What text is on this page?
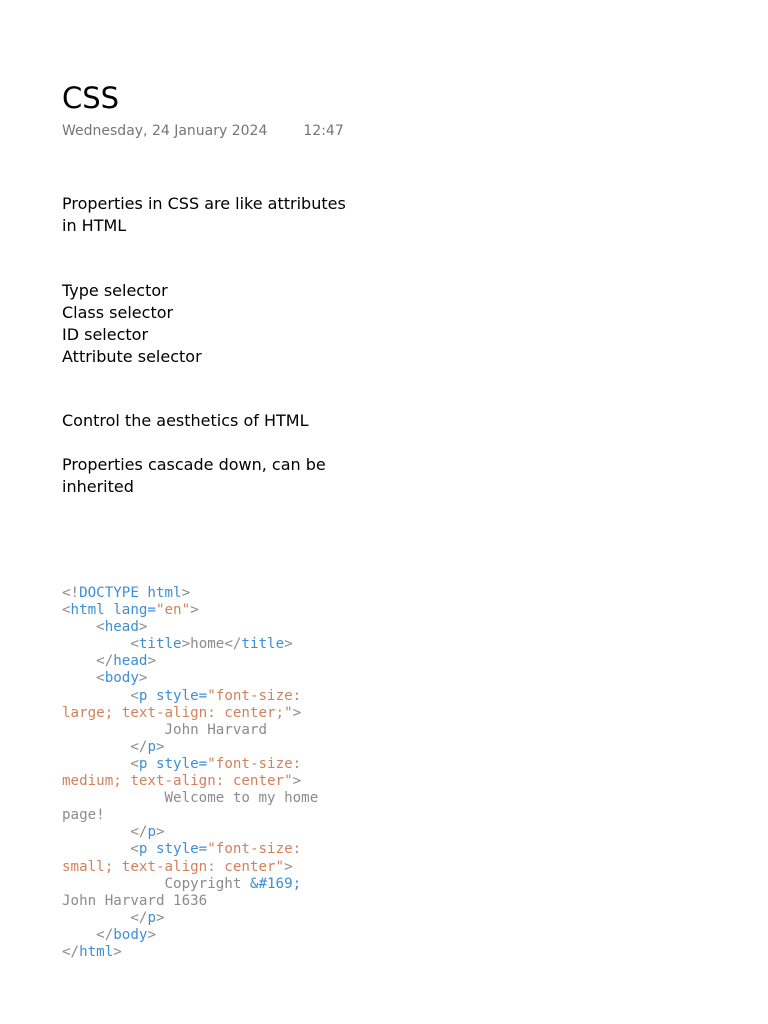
CSS
Wednesday, 24 January 2024	12:47

Properties in CSS are like attributes

in HTML

Type selector

Class selector

ID selector

Attribute selector

Control the aesthetics of HTML

Properties cascade down, can be

inherited

<!DOCTYPE html>
<html lang="en">
<head>
<title>home</title>
</head>
<body>
<p style="font-size:
large; text-align: center;">
John Harvard
</p>
<p style="font-size:
medium; text-align: center">
Welcome to my home
page!
</p>
<p style="font-size:
small; text-align: center">
Copyright &#169;
John Harvard 1636
</p>
</body>
</html>
